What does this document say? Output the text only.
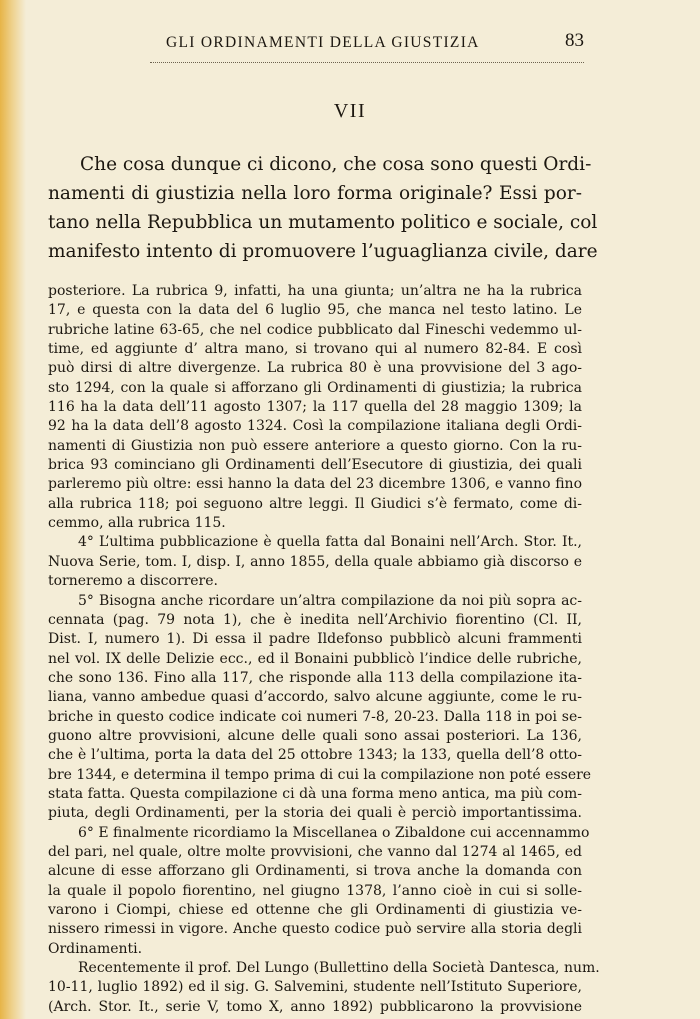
GLI ORDINAMENTI DELLA GIUSTIZIA	83
VII
Che cosa dunque ci dicono, che cosa sono questi Ordi-
namenti di giustizia nella loro forma originale? Essi por-
tano nella Repubblica un mutamento politico e sociale, col
manifesto intento di promuovere l’uguaglianza civile, dare
posteriore. La rubrica 9, infatti, ha una giunta; un’altra ne ha la rubrica
17, e questa con la data del 6 luglio 95, che manca nel testo latino. Le
rubriche latine 63-65, che nel codice pubblicato dal Fineschi vedemmo ul-
time, ed aggiunte d’ altra mano, si trovano qui al numero 82-84. E così
può dirsi di altre divergenze. La rubrica 80 è una provvisione del 3 ago-
sto 1294, con la quale si afforzano gli Ordinamenti di giustizia; la rubrica
116 ha la data dell’11 agosto 1307; la 117 quella del 28 maggio 1309; la
92 ha la data dell’8 agosto 1324. Così la compilazione italiana degli Ordi-
namenti di Giustizia non può essere anteriore a questo giorno. Con la ru-
brica 93 cominciano gli Ordinamenti dell’Esecutore di giustizia, dei quali
parleremo più oltre: essi hanno la data del 23 dicembre 1306, e vanno fino
alla rubrica 118; poi seguono altre leggi. Il Giudici s’è fermato, come di-
cemmo, alla rubrica 115.
4° L’ultima pubblicazione è quella fatta dal Bonaini nell’Arch. Stor. It.,
Nuova Serie, tom. I, disp. I, anno 1855, della quale abbiamo già discorso e
torneremo a discorrere.
5° Bisogna anche ricordare un’altra compilazione da noi più sopra ac-
cennata (pag. 79 nota 1), che è inedita nell’Archivio fiorentino (Cl. II,
Dist. I, numero 1). Di essa il padre Ildefonso pubblicò alcuni frammenti
nel vol. IX delle Delizie ecc., ed il Bonaini pubblicò l’indice delle rubriche,
che sono 136. Fino alla 117, che risponde alla 113 della compilazione ita-
liana, vanno ambedue quasi d’accordo, salvo alcune aggiunte, come le ru-
briche in questo codice indicate coi numeri 7-8, 20-23. Dalla 118 in poi se-
guono altre provvisioni, alcune delle quali sono assai posteriori. La 136,
che è l’ultima, porta la data del 25 ottobre 1343; la 133, quella dell’8 otto-
bre 1344, e determina il tempo prima di cui la compilazione non poté essere
stata fatta. Questa compilazione ci dà una forma meno antica, ma più com-
piuta, degli Ordinamenti, per la storia dei quali è perciò importantissima.
6° E finalmente ricordiamo la Miscellanea o Zibaldone cui accennammo
del pari, nel quale, oltre molte provvisioni, che vanno dal 1274 al 1465, ed
alcune di esse afforzano gli Ordinamenti, si trova anche la domanda con
la quale il popolo fiorentino, nel giugno 1378, l’anno cioè in cui si solle-
varono i Ciompi, chiese ed ottenne che gli Ordinamenti di giustizia ve-
nissero rimessi in vigore. Anche questo codice può servire alla storia degli
Ordinamenti.
Recentemente il prof. Del Lungo (Bullettino della Società Dantesca, num.
10-11, luglio 1892) ed il sig. G. Salvemini, studente nell’Istituto Superiore,
(Arch. Stor. It., serie V, tomo X, anno 1892) pubblicarono la provvisione
